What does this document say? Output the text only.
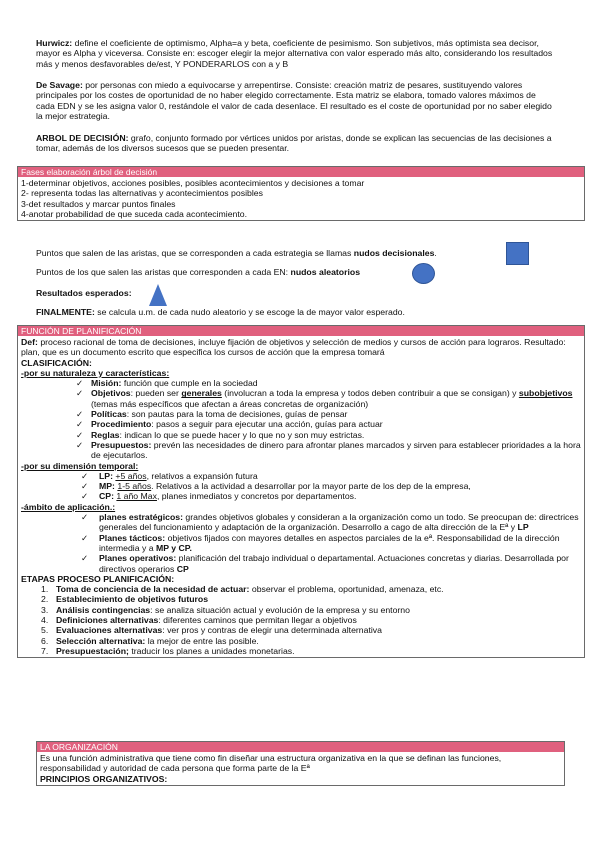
Hurwicz: define el coeficiente de optimismo, Alpha=a y beta, coeficiente de pesimismo. Son subjetivos, más optimista sea decisor, mayor es Alpha y viceversa. Consiste en: escoger elegir la mejor alternativa con valor esperado más alto, considerando los resultados más y menos desfavorables de/est, Y PONDERARLOS con a y B
De Savage: por personas con miedo a equivocarse y arrepentirse. Consiste: creación matriz de pesares, sustituyendo valores principales por los costes de oportunidad de no haber elegido correctamente. Esta matriz se elabora, tomado valores máximos de cada EDN y se les asigna valor 0, restándole el valor de cada desenlace. El resultado es el coste de oportunidad por no saber elegido la mejor estrategia.
ARBOL DE DECISIÓN: grafo, conjunto formado por vértices unidos por aristas, donde se explican las secuencias de las decisiones a tomar, además de los diversos sucesos que se pueden presentar.
Fases elaboración árbol de decisión
1-determinar objetivos, acciones posibles, posibles acontecimientos y decisiones a tomar
2- representa todas las alternativas y acontecimientos posibles
3-det resultados y marcar puntos finales
4-anotar probabilidad de que suceda cada acontecimiento.
Puntos que salen de las aristas, que se corresponden a cada estrategia se llamas nudos decisionales.
Puntos de los que salen las aristas que corresponden a cada EN: nudos aleatorios
Resultados esperados:
FINALMENTE: se calcula u.m. de cada nudo aleatorio y se escoge la de mayor valor esperado.
FUNCIÓN DE PLANIFICACIÓN
Def: proceso racional de toma de decisiones, incluye fijación de objetivos y selección de medios y cursos de acción para lograros. Resultado: plan, que es un documento escrito que especifica los cursos de acción que la empresa tomará
CLASIFICACIÓN:
-por su naturaleza y características:
✓ Misión: función que cumple en la sociedad
✓ Objetivos: pueden ser generales (involucran a toda la empresa y todos deben contribuir a que se consigan) y subobjetivos (temas más específicos que afectan a áreas concretas de organización)
✓ Políticas: son pautas para la toma de decisiones, guías de pensar
✓ Procedimiento: pasos a seguir para ejecutar una acción, guías para actuar
✓ Reglas: indican lo que se puede hacer y lo que no y son muy estrictas.
✓ Presupuestos: prevén las necesidades de dinero para afrontar planes marcados y sirven para establecer prioridades a la hora de ejecutarlos.
-por su dimensión temporal:
✓ LP: +5 años, relativos a expansión futura
✓ MP: 1-5 años. Relativos a la actividad a desarrollar por la mayor parte de los dep de la empresa,
✓ CP: 1 año Max, planes inmediatos y concretos por departamentos.
-ámbito de aplicación.:
✓ planes estratégicos: grandes objetivos globales y consideran a la organización como un todo. Se preocupan de: directrices generales del funcionamiento y adaptación de la organización. Desarrollo a cago de alta dirección de la Eª y LP
✓ Planes tácticos: objetivos fijados con mayores detalles en aspectos parciales de la eª. Responsabilidad de la dirección intermedia y a MP y CP.
✓ Planes operativos: planificación del trabajo individual o departamental. Actuaciones concretas y diarias. Desarrollada por directivos operarios CP
ETAPAS PROCESO PLANIFICACIÓN:
1. Toma de conciencia de la necesidad de actuar: observar el problema, oportunidad, amenaza, etc.
2. Establecimiento de objetivos futuros
3. Análisis contingencias: se analiza situación actual y evolución de la empresa y su entorno
4. Definiciones alternativas: diferentes caminos que permitan llegar a objetivos
5. Evaluaciones alternativas: ver pros y contras de elegir una determinada alternativa
6. Selección alternativa: la mejor de entre las posible.
7. Presupuestación; traducir los planes a unidades monetarias.
LA ORGANIZACIÓN
Es una función administrativa que tiene como fin diseñar una estructura organizativa en la que se definan las funciones, responsabilidad y autoridad de cada persona que forma parte de la Eª
PRINCIPIOS ORGANIZATIVOS:
